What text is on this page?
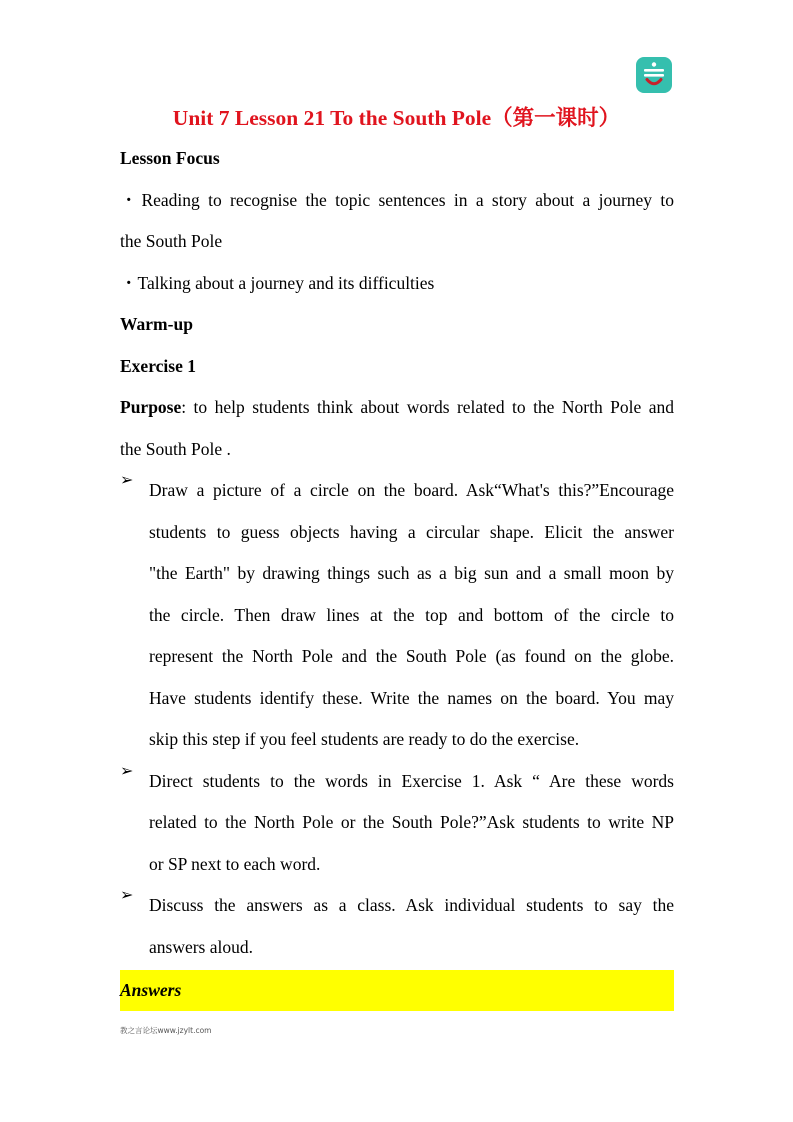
Unit 7 Lesson 21 To the South Pole（第一课时）
Lesson Focus
・Reading to recognise the topic sentences in a story about a journey to
the South Pole
・Talking about a journey and its difficulties
Warm-up
Exercise 1
Purpose: to help students think about words related to the North Pole and
the South Pole .
➢
Draw a picture of a circle on the board. Ask“What's this?”Encourage
students to guess objects having a circular shape. Elicit the answer
"the Earth" by drawing things such as a big sun and a small moon by
the circle. Then draw lines at the top and bottom of the circle to
represent the North Pole and the South Pole (as found on the globe.
Have students identify these. Write the names on the board. You may
skip this step if you feel students are ready to do the exercise.
➢
Direct students to the words in Exercise 1. Ask “ Are these words
related to the North Pole or the South Pole?”Ask students to write NP
or SP next to each word.
➢
Discuss the answers as a class. Ask individual students to say the
answers aloud.
Answers
教之言论坛www.jzylt.com
